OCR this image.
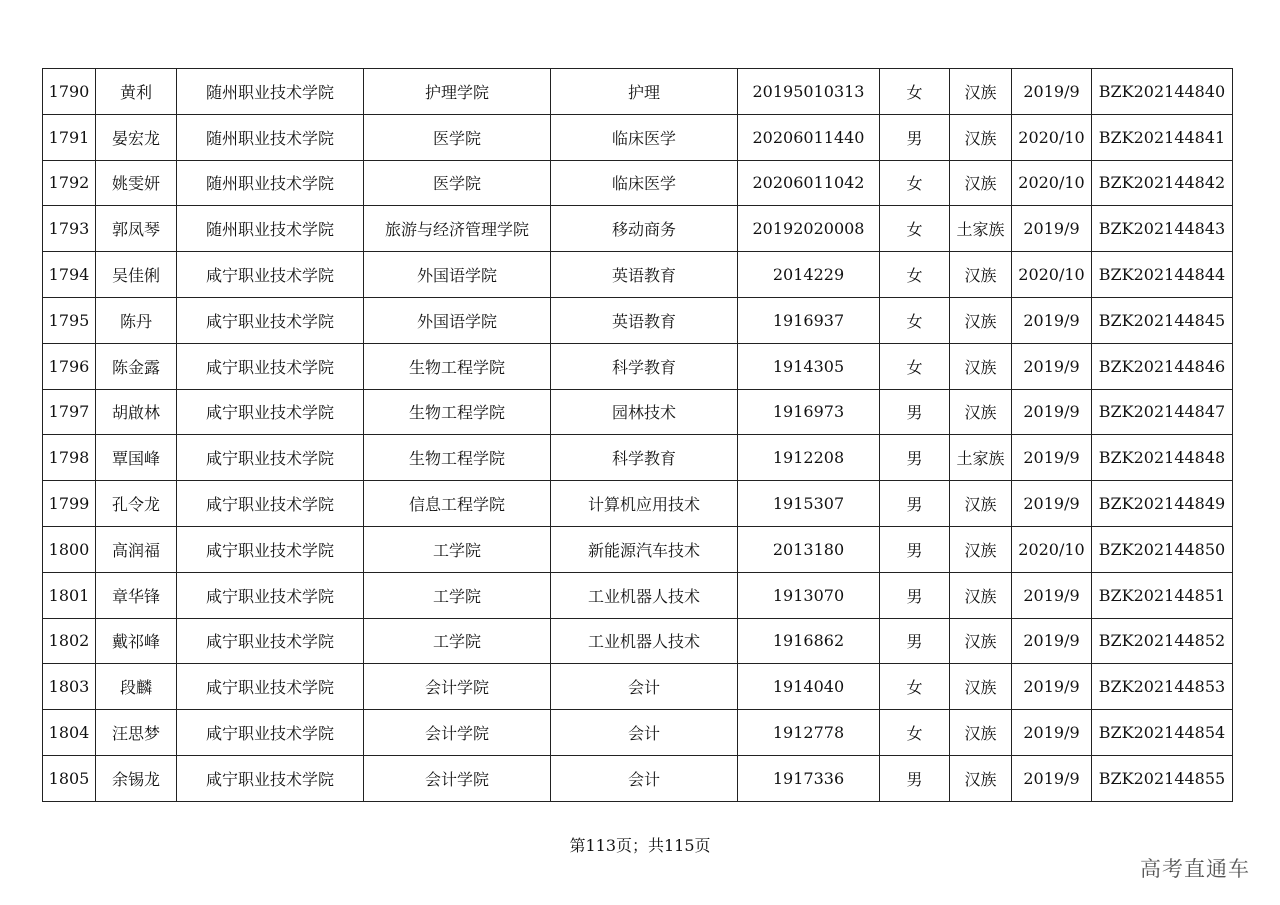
1790	黄利	随州职业技术学院	护理学院	护理	20195010313	女	汉族	2019/9	BZK202144840
1791	晏宏龙	随州职业技术学院	医学院	临床医学	20206011440	男	汉族	2020/10	BZK202144841
1792	姚雯妍	随州职业技术学院	医学院	临床医学	20206011042	女	汉族	2020/10	BZK202144842
1793	郭凤琴	随州职业技术学院	旅游与经济管理学院	移动商务	20192020008	女	土家族	2019/9	BZK202144843
1794	吴佳俐	咸宁职业技术学院	外国语学院	英语教育	2014229	女	汉族	2020/10	BZK202144844
1795	陈丹	咸宁职业技术学院	外国语学院	英语教育	1916937	女	汉族	2019/9	BZK202144845
1796	陈金露	咸宁职业技术学院	生物工程学院	科学教育	1914305	女	汉族	2019/9	BZK202144846
1797	胡啟林	咸宁职业技术学院	生物工程学院	园林技术	1916973	男	汉族	2019/9	BZK202144847
1798	覃国峰	咸宁职业技术学院	生物工程学院	科学教育	1912208	男	土家族	2019/9	BZK202144848
1799	孔令龙	咸宁职业技术学院	信息工程学院	计算机应用技术	1915307	男	汉族	2019/9	BZK202144849
1800	高润福	咸宁职业技术学院	工学院	新能源汽车技术	2013180	男	汉族	2020/10	BZK202144850
1801	章华锋	咸宁职业技术学院	工学院	工业机器人技术	1913070	男	汉族	2019/9	BZK202144851
1802	戴祁峰	咸宁职业技术学院	工学院	工业机器人技术	1916862	男	汉族	2019/9	BZK202144852
1803	段麟	咸宁职业技术学院	会计学院	会计	1914040	女	汉族	2019/9	BZK202144853
1804	汪思梦	咸宁职业技术学院	会计学院	会计	1912778	女	汉族	2019/9	BZK202144854
1805	余锡龙	咸宁职业技术学院	会计学院	会计	1917336	男	汉族	2019/9	BZK202144855
第113页；共115页
高考直通车
